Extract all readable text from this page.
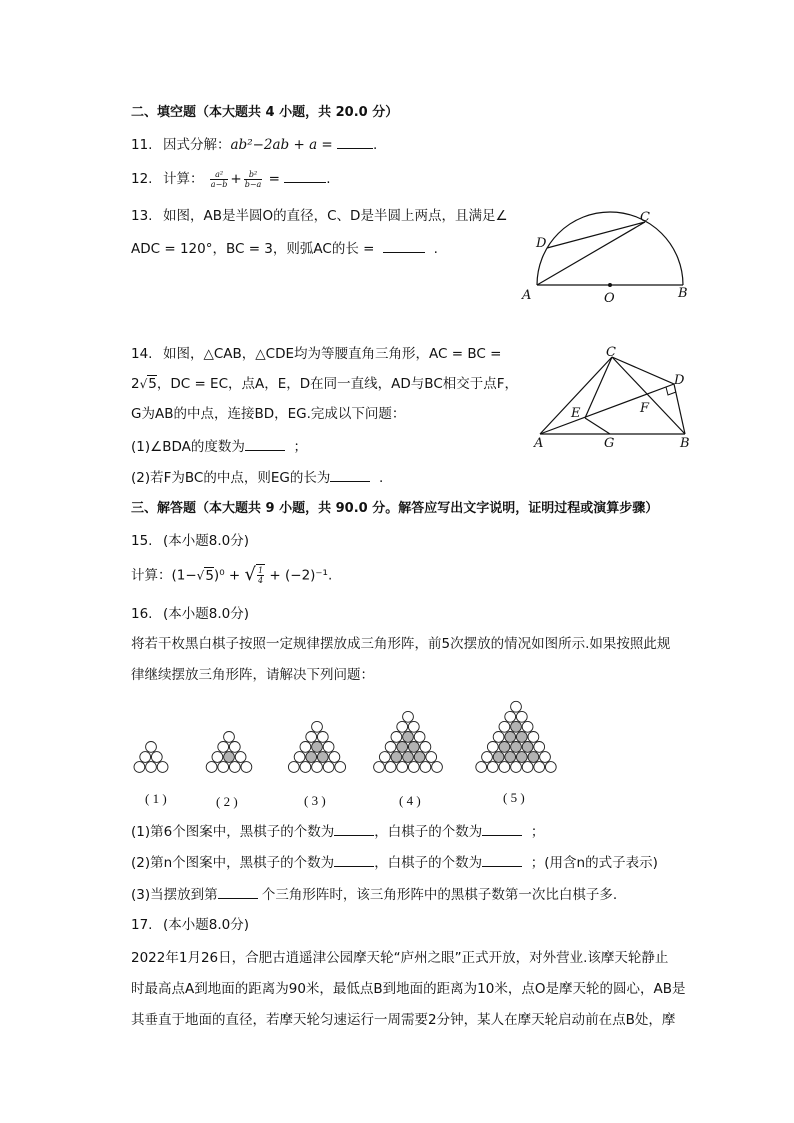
二、填空题（本大题共 4 小题，共 20.0 分）
11. 因式分解：ab²−2ab + a =	.
12. 计算： $\frac{\text{a²}}{a-b} + \frac{\text{b²}}{b-a}$ =	.
13. 如图，AB是半圆O的直径，C、D是半圆上两点，且满足∠
ADC = 120°，BC = 3，则弧AC的长 =	.
A	B
C
D
O
14. 如图，△CAB，△CDE均为等腰直角三角形，AC = BC =
2√5，DC = EC，点A，E，D在同一直线，AD与BC相交于点F，
G为AB的中点，连接BD，EG.完成以下问题：
(1)∠BDA的度数为	；
(2)若F为BC的中点，则EG的长为	.
C
D
E	F
A	G	B
三、解答题（本大题共 9 小题，共 90.0 分。解答应写出文字说明，证明过程或演算步骤）
15. (本小题8.0分)
计算：(1−√5)⁰ + √ $\frac{1}{4} + (-2)^{-1}$.
16. (本小题8.0分)
将若干枚黑白棋子按照一定规律摆放成三角形阵，前5次摆放的情况如图所示.如果按照此规
律继续摆放三角形阵，请解决下列问题：
( 1 )	( 2 )	( 3 )	( 4 )	( 5 )
(1)第6个图案中，黑棋子的个数为	，白棋子的个数为	；
(2)第n个图案中，黑棋子的个数为	，白棋子的个数为	；(用含n的式子表示)
(3)当摆放到第	个三角形阵时，该三角形阵中的黑棋子数第一次比白棋子多.
17. (本小题8.0分)
2022年1月26日，合肥古逍遥津公园摩天轮“庐州之眼”正式开放，对外营业.该摩天轮静止
时最高点A到地面的距离为90米，最低点B到地面的距离为10米，点O是摩天轮的圆心，AB是
其垂直于地面的直径，若摩天轮匀速运行一周需要2分钟，某人在摩天轮启动前在点B处，摩
